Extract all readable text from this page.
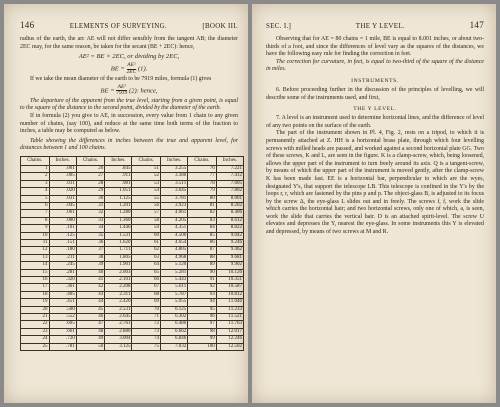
146	ELEMENTS OF SURVEYING.	[BOOK III.

radius of the earth, the arc AE will not differ sensibly from the tangent AB; the diameter 2EC may, for the same reason, be taken for the secant (BE + 2EC): hence,

AE² = BE × 2EC, or dividing by 2EC,
BE = $\frac{\text{AE²}}{2EC} (1)$.

If we take the mean diameter of the earth to be 7919 miles, formula (1) gives

BE = $\frac{\text{AE²}}{7919} (2)$: hence,

The departure of the apparent from the true level, starting from a given point, is equal to the square of the distance to the second point, divided by the diameter of the earth.

If in formula (2) you give to AE, in succession, every value from 1 chain to any given number of chains, (say 100), and reduce at the same time both terms of the fraction to inches, a table may be computed as below.

Table showing the differences in inches between the true and apparent level, for distances between 1 and 100 chains.

Chains.	Inches.	Chains.	Inches.	Chains.	Inches.	Chains.	Inches.
1	.001	26	.845	51	3.255	76	7.221
2	.005	27	.911	52	3.380	77	7.412
3	.011	28	.981	53	3.511	78	7.605
4	.020	29	1.051	54	3.645	79	7.802
5	.031	30	1.125	55	3.781	80	8.001
6	.045	31	1.201	56	3.923	81	8.202
7	.061	32	1.280	57	4.061	82	8.406
8	.080	33	1.360	58	4.205	83	8.612
9	.101	34	1.446	59	4.351	84	8.822
10	.125	35	1.531	60	4.500	85	9.042
11	.151	36	1.620	61	4.654	86	9.246
12	.180	37	1.711	62	4.805	87	9.462
13	.211	38	1.805	63	4.968	88	9.681
14	.245	39	1.901	64	5.120	89	9.902
15	.281	40	2.003	65	5.281	90	10.126
16	.320	41	2.101	66	5.443	91	10.351
17	.361	42	2.208	67	5.611	92	10.587
18	.405	43	2.311	68	5.787	93	10.812
19	.451	44	2.420	69	5.955	94	11.046
20	.500	45	2.531	70	6.125	95	11.233
21	.552	46	2.645	71	6.302	96	11.521
22	.605	47	2.761	72	6.480	97	11.763
23	.661	48	2.880	73	6.662	98	12.017
24	.720	49	3.004	74	6.846	99	12.246
25	.781	50	3.125	75	7.032	100	12.502
SEC. I.]	THE Y LEVEL.	147

Observing that for AE = 80 chains = 1 mile, BE is equal to 8.001 inches, or about two-thirds of a foot, and since the differences of level vary as the squares of the distances, we have the following easy rule for finding the correction in feet.

The correction for curvature, in feet, is equal to two-third of the square of the distance in miles.

INSTRUMENTS.

6. Before proceeding further in the discussion of the principles of levelling, we will describe some of the instruments used, and first,

THE Y LEVEL.

7. A level is an instrument used to determine horizontal lines, and the difference of level of any two points on the surface of the earth.

The part of the instrument shown in Pl. 4, Fig. 2, rests on a tripod, to which it is permanently attached at Z. HH is a horizontal brass plate, through which four levelling screws with milled heads are passed, and worked against a second horizontal plate GG. Two of these screws, K and L, are seen in the figure. K is a clamp-screw, which, being loosened, allows the upper part of the instrument to turn freely around its axis. Q is a tangent-screw, by means of which the upper part of the instrument is moved gently, after the clamp-screw K has been made fast. EE is a horizontal bar, perpendicular to which are the wyes, designated Y's, that support the telescope LB. This telescope is confined in the Y's by the loops r, r, which are fastened by the pins p and p. The object-glass B, is adjusted to its focus by the screw Δ, the eye-glass L slides out and in freely. The screws f, f, work the slide which carries the horizontal hair; and two horizontal screws, only one of which, a, is seen, work the slide that carries the vertical hair. D is an attached spirit-level. The screw U elevates and depresses the Y, nearest the eye-glass. In some instruments this Y is elevated and depressed, by means of two screws at M and R.
